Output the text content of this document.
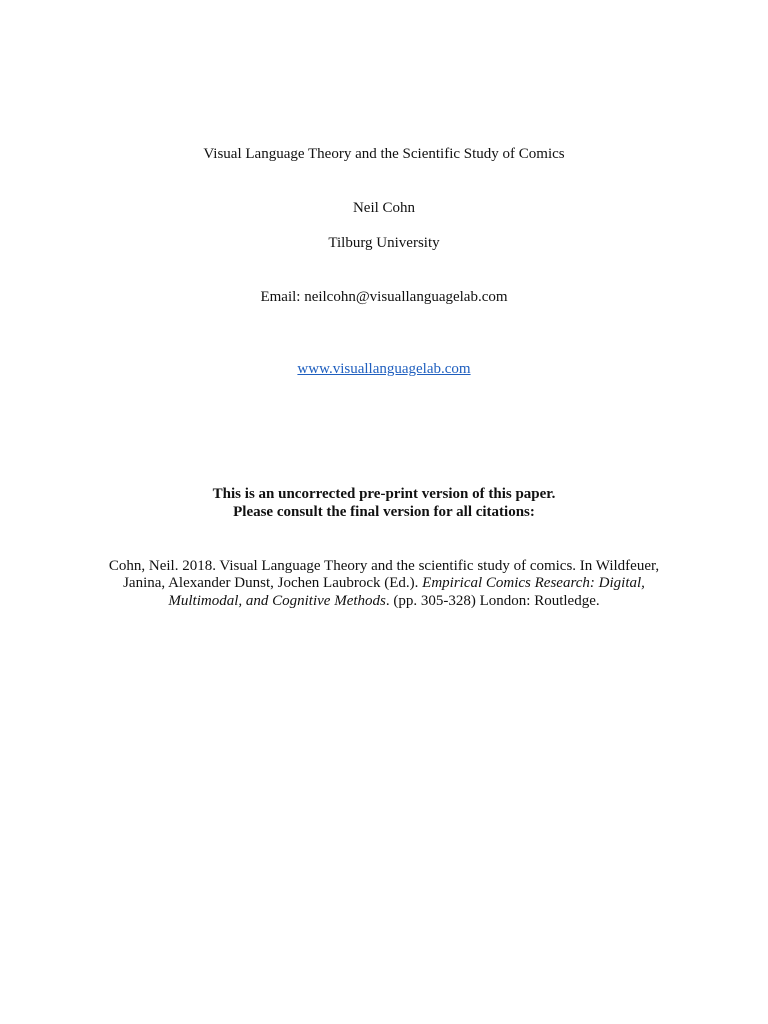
Visual Language Theory and the Scientific Study of Comics
Neil Cohn
Tilburg University
Email: neilcohn@visuallanguagelab.com
www.visuallanguagelab.com
This is an uncorrected pre-print version of this paper.
Please consult the final version for all citations:
Cohn, Neil. 2018. Visual Language Theory and the scientific study of comics. In Wildfeuer,
Janina, Alexander Dunst, Jochen Laubrock (Ed.). Empirical Comics Research: Digital,
Multimodal, and Cognitive Methods. (pp. 305-328) London: Routledge.
